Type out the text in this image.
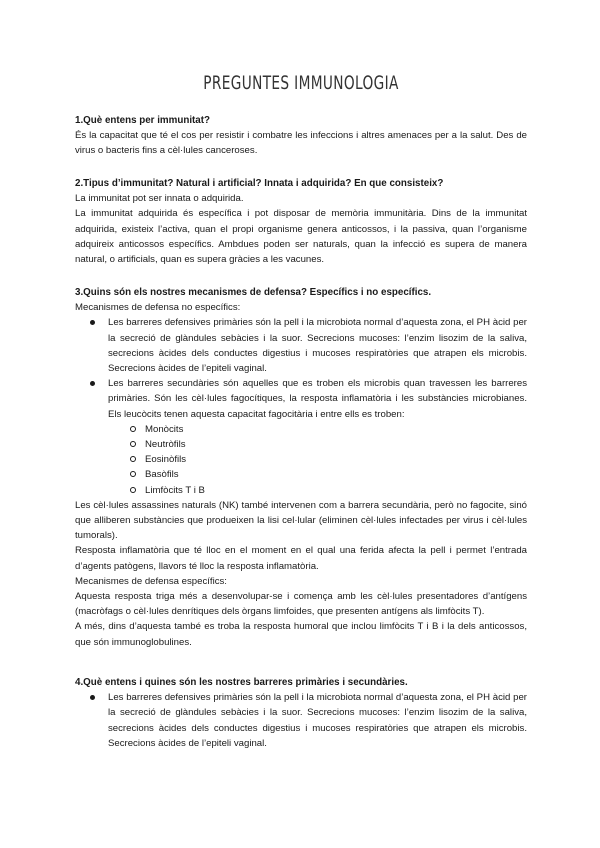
PREGUNTES IMMUNOLOGIA

1.Què entens per immunitat?

És la capacitat que té el cos per resistir i combatre les infeccions i altres amenaces per a la salut. Des de virus o bacteris fins a cèl·lules canceroses.

2.Tipus d’immunitat? Natural i artificial? Innata i adquirida? En que consisteix?

La immunitat pot ser innata o adquirida.

La immunitat adquirida és específica i pot disposar de memòria immunitària. Dins de la immunitat adquirida, existeix l’activa, quan el propi organisme genera anticossos, i la passiva, quan l’organisme adquireix anticossos específics. Ambdues poden ser naturals, quan la infecció es supera de manera natural, o artificials, quan es supera gràcies a les vacunes.

3.Quins són els nostres mecanismes de defensa? Específics i no específics.

Mecanismes de defensa no específics:

Les barreres defensives primàries són la pell i la microbiota normal d’aquesta zona, el PH àcid per la secreció de glàndules sebàcies i la suor. Secrecions mucoses: l’enzim lisozim de la saliva, secrecions àcides dels conductes digestius i mucoses respiratòries que atrapen els microbis. Secrecions àcides de l’epiteli vaginal.
Les barreres secundàries són aquelles que es troben els microbis quan travessen les barreres primàries. Són les cèl·lules fagocítiques, la resposta inflamatòria i les substàncies microbianes. Els leucòcits tenen aquesta capacitat fagocitària i entre ells es troben:
Monòcits
Neutròfils
Eosinòfils
Basòfils
Limfòcits T i B

Les cèl·lules assassines naturals (NK) també intervenen com a barrera secundària, però no fagocite, sinó que alliberen substàncies que produeixen la lisi cel·lular (eliminen cèl·lules infectades per virus i cèl·lules tumorals).

Resposta inflamatòria que té lloc en el moment en el qual una ferida afecta la pell i permet l’entrada d’agents patògens, llavors té lloc la resposta inflamatòria.

Mecanismes de defensa específics:

Aquesta resposta triga més a desenvolupar-se i comença amb les cèl·lules presentadores d’antígens (macròfags o cèl·lules denrítiques dels òrgans limfoides, que presenten antígens als limfòcits T).

A més, dins d’aquesta també es troba la resposta humoral que inclou limfòcits T i B i la dels anticossos, que són immunoglobulines.

4.Què entens i quines són les nostres barreres primàries i secundàries.

Les barreres defensives primàries són la pell i la microbiota normal d’aquesta zona, el PH àcid per la secreció de glàndules sebàcies i la suor. Secrecions mucoses: l’enzim lisozim de la saliva, secrecions àcides dels conductes digestius i mucoses respiratòries que atrapen els microbis. Secrecions àcides de l’epiteli vaginal.
